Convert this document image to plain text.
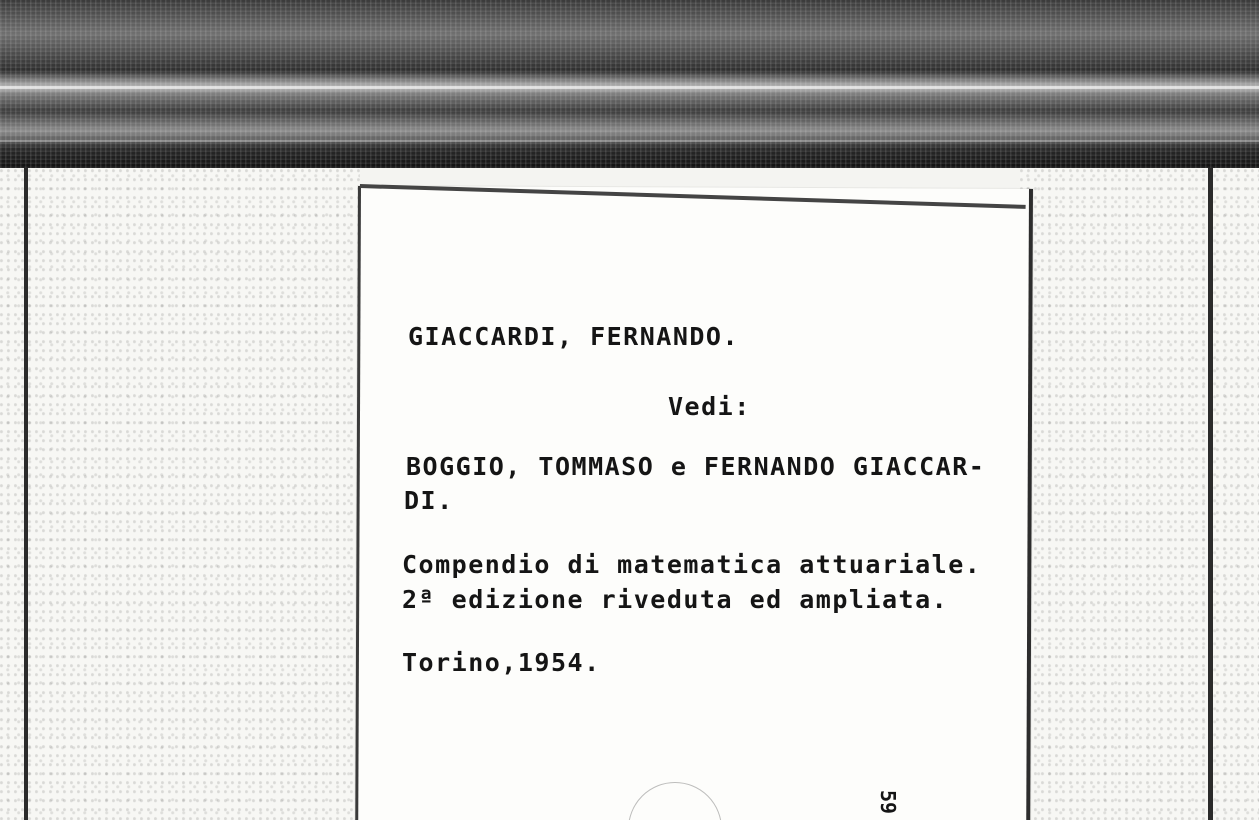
GIACCARDI, FERNANDO.
Vedi:
BOGGIO, TOMMASO e FERNANDO GIACCAR-
DI.
Compendio di matematica attuariale.
2ª edizione riveduta ed ampliata.
Torino,1954.
59
